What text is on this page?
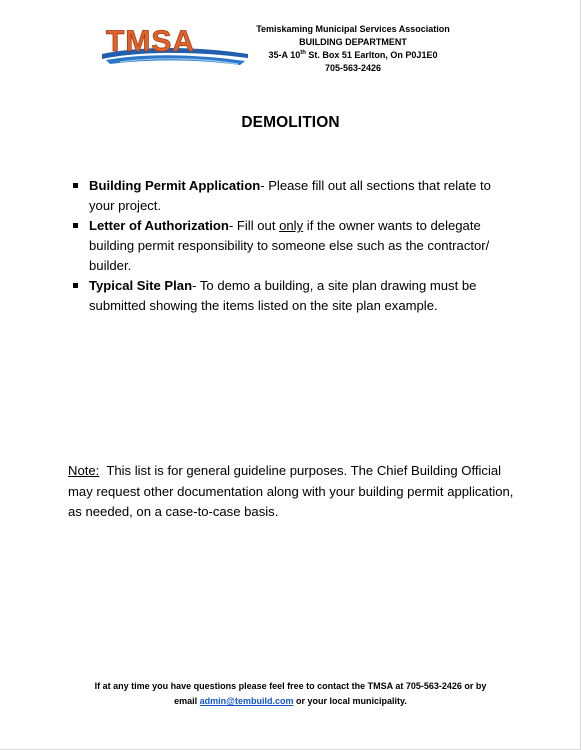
TMSA	Temiskaming Municipal Services Association
BUILDING DEPARTMENT
35-A 10th St. Box 51 Earlton, On P0J1E0
705-563-2426
DEMOLITION
Building Permit Application- Please fill out all sections that relate to your project.
Letter of Authorization- Fill out only if the owner wants to delegate building permit responsibility to someone else such as the contractor/ builder.
Typical Site Plan- To demo a building, a site plan drawing must be submitted showing the items listed on the site plan example.
Note:  This list is for general guideline purposes. The Chief Building Official may request other documentation along with your building permit application, as needed, on a case-to-case basis.
If at any time you have questions please feel free to contact the TMSA at 705-563-2426 or by
email admin@tembuild.com or your local municipality.
